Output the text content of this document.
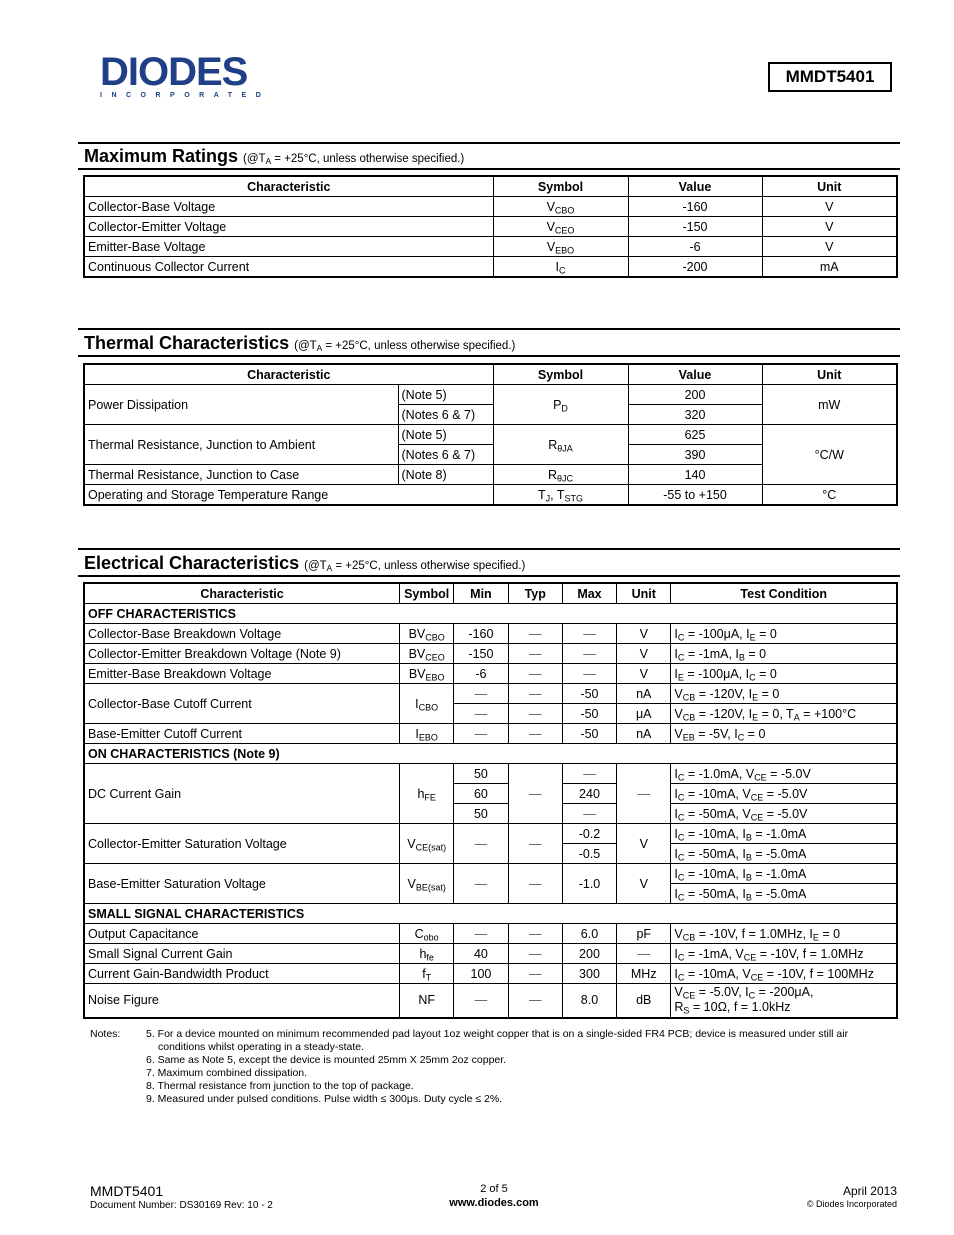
DIODES
INCORPORATED
MMDT5401
Maximum Ratings ($@T_A = +25^\circ C$, unless otherwise specified.)
Characteristic	Symbol	Value	Unit
Collector-Base Voltage	$V_{CBO}$	-160	V
Collector-Emitter Voltage	$V_{CEO}$	-150	V
Emitter-Base Voltage	$V_{EBO}$	-6	V
Continuous Collector Current	$I_C$	-200	mA
Thermal Characteristics ($@T_A = +25^\circ C$, unless otherwise specified.)
Characteristic		Symbol	Value	Unit
Power Dissipation	(Note 5)	$P_D$	200	mW
	(Notes 6 & 7)		320	
Thermal Resistance, Junction to Ambient	(Note 5)	$R_{\theta JA}$	625	°C/W
	(Notes 6 & 7)		390	
Thermal Resistance, Junction to Case	(Note 8)	$R_{\theta JC}$	140	
Operating and Storage Temperature Range		$T_J$, $T_{STG}$	-55 to +150	°C
Electrical Characteristics ($@T_A = +25^\circ C$, unless otherwise specified.)
Characteristic	Symbol	Min	Typ	Max	Unit	Test Condition
OFF CHARACTERISTICS						
Collector-Base Breakdown Voltage	$BV_{CBO}$	-160	—	—	V	$I_C = -100\mu A$, $I_E = 0$
Collector-Emitter Breakdown Voltage (Note 9)	$BV_{CEO}$	-150	—	—	V	$I_C = -1mA$, $I_B = 0$
Emitter-Base Breakdown Voltage	$BV_{EBO}$	-6	—	—	V	$I_E = -100\mu A$, $I_C = 0$
Collector-Base Cutoff Current	$I_{CBO}$	—	—	-50	nA	$V_{CB} = -120V$, $I_E = 0$
		—	—	-50	μA	$V_{CB} = -120V$, $I_E = 0$, $T_A = +100^\circ C$
Base-Emitter Cutoff Current	$I_{EBO}$	—	—	-50	nA	$V_{EB} = -5V$, $I_C = 0$
ON CHARACTERISTICS (Note 9)						
DC Current Gain	$h_{FE}$	50	—	—	—	$I_C = -1.0mA$, $V_{CE} = -5.0V$
		60		240		$I_C = -10mA$, $V_{CE} = -5.0V$
		50		—		$I_C = -50mA$, $V_{CE} = -5.0V$
Collector-Emitter Saturation Voltage	$V_{CE(sat)}$	—	—	-0.2	V	$I_C = -10mA$, $I_B = -1.0mA$
				-0.5		$I_C = -50mA$, $I_B = -5.0mA$
Base-Emitter Saturation Voltage	$V_{BE(sat)}$	—	—	-1.0	V	$I_C = -10mA$, $I_B = -1.0mA$
						$I_C = -50mA$, $I_B = -5.0mA$
SMALL SIGNAL CHARACTERISTICS						
Output Capacitance	$C_{obo}$	—	—	6.0	pF	$V_{CB} = -10V$, f = 1.0MHz, $I_E = 0$
Small Signal Current Gain	$h_{fe}$	40	—	200	—	$I_C = -1mA$, $V_{CE} = -10V$, f = 1.0MHz
Current Gain-Bandwidth Product	$f_T$	100	—	300	MHz	$I_C = -10mA$, $V_{CE} = -10V$, f = 100MHz
Noise Figure	NF	—	—	8.0	dB	$V_{CE} = -5.0V$, $I_C = -200\mu A$,
$R_S = 10\Omega$, f = 1.0kHz
Notes: 5. For a device mounted on minimum recommended pad layout 1oz weight copper that is on a single-sided FR4 PCB; device is measured under still air conditions whilst operating in a steady-state.
6. Same as Note 5, except the device is mounted 25mm X 25mm 2oz copper.
7. Maximum combined dissipation.
8. Thermal resistance from junction to the top of package.
9. Measured under pulsed conditions. Pulse width ≤ 300μs. Duty cycle ≤ 2%.
MMDT5401
Document Number: DS30169 Rev: 10 - 2
2 of 5
www.diodes.com
April 2013
© Diodes Incorporated
